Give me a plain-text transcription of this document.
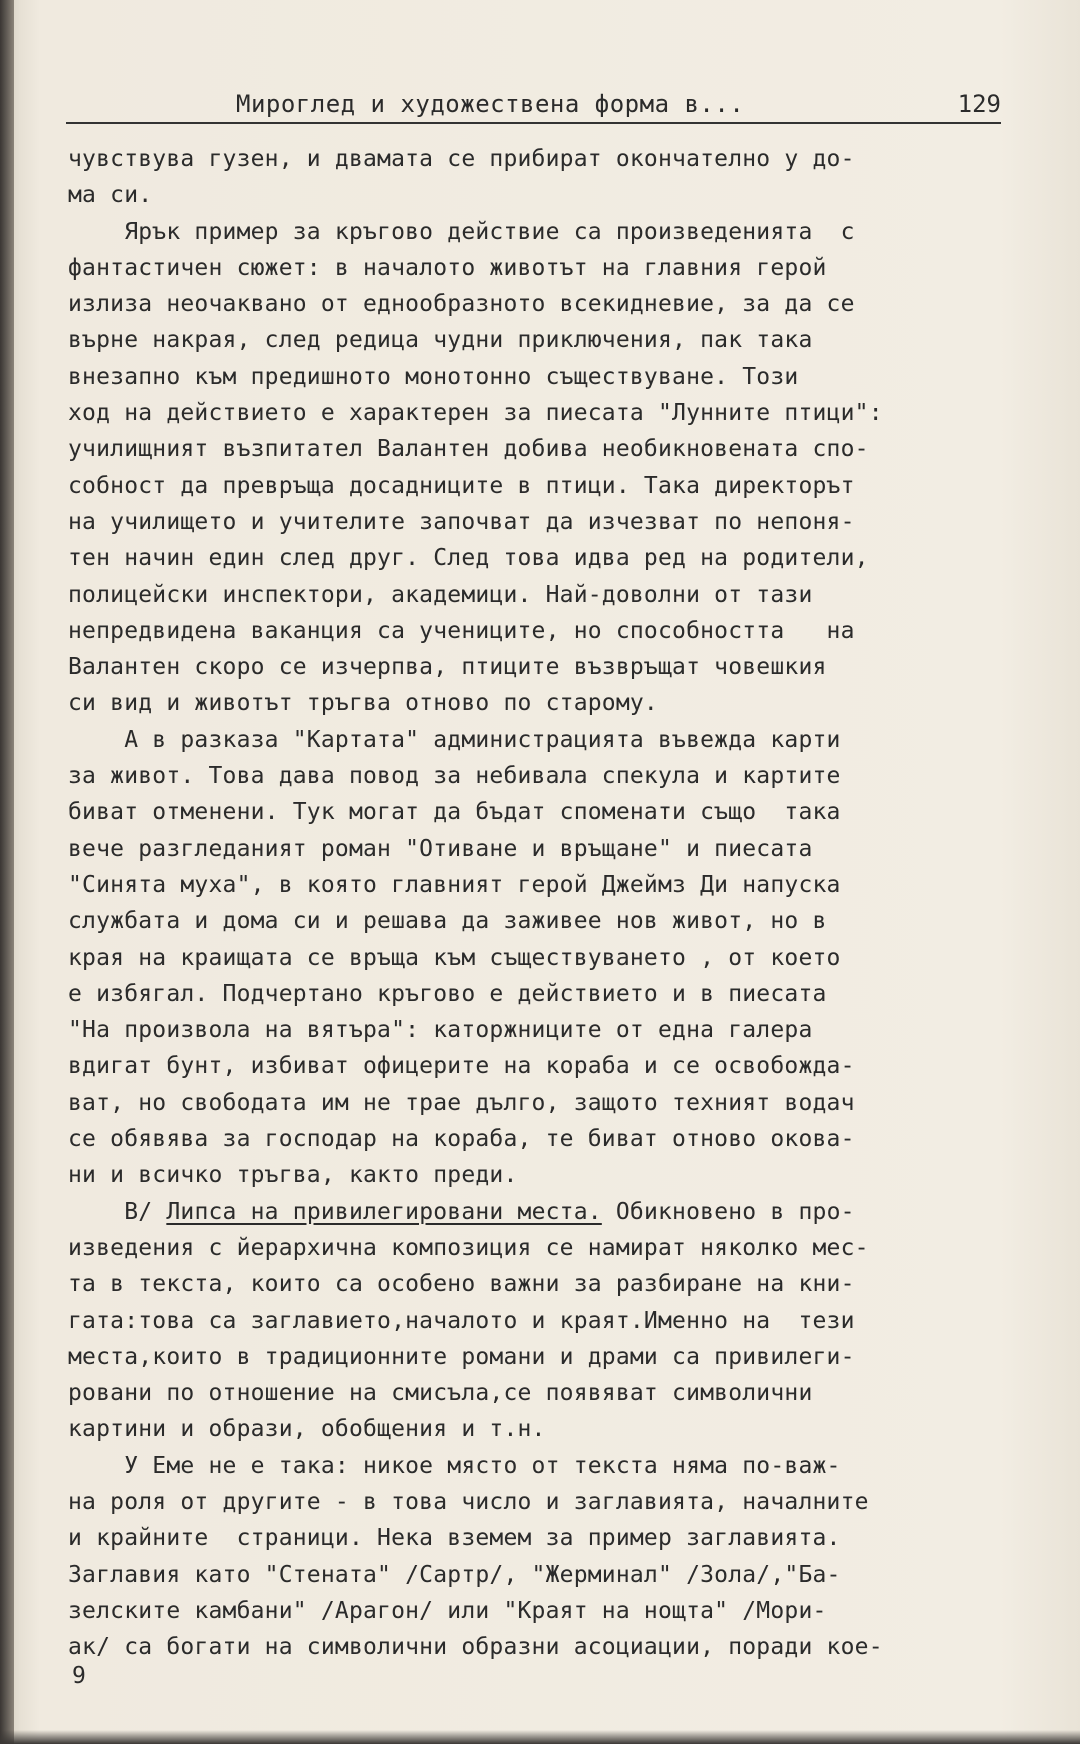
Мироглед и художествена форма в...	129
чувствува гузен, и двамата се прибират окончателно у до-
ма си.
Ярък пример за кръгово действие са произведенията  с
фантастичен сюжет: в началото животът на главния герой
излиза неочаквано от еднообразното всекидневие, за да се
върне накрая, след редица чудни приключения, пак така
внезапно към предишното монотонно съществуване. Този
ход на действието е характерен за пиесата "Лунните птици":
училищният възпитател Валантен добива необикновената спо-
собност да превръща досадниците в птици. Така директорът
на училището и учителите започват да изчезват по непоня-
тен начин един след друг. След това идва ред на родители,
полицейски инспектори, академици. Най-доволни от тази
непредвидена ваканция са учениците, но способността   на
Валантен скоро се изчерпва, птиците възвръщат човешкия
си вид и животът тръгва отново по старому.
А в разказа "Картата" администрацията въвежда карти
за живот. Това дава повод за небивала спекула и картите
биват отменени. Тук могат да бъдат споменати също  така
вече разгледаният роман "Отиване и връщане" и пиесата
"Синята муха", в която главният герой Джеймз Ди напуска
службата и дома си и решава да заживее нов живот, но в
края на краищата се връща към съществуването , от което
е избягал. Подчертано кръгово е действието и в пиесата
"На произвола на вятъра": каторжниците от една галера
вдигат бунт, избиват офицерите на кораба и се освобожда-
ват, но свободата им не трае дълго, защото техният водач
се обявява за господар на кораба, те биват отново окова-
ни и всичко тръгва, както преди.
В/ Липса на привилегировани места. Обикновено в про-
изведения с йерархична композиция се намират няколко мес-
та в текста, които са особено важни за разбиране на кни-
гата:това са заглавието,началото и краят.Именно на  тези
места,които в традиционните романи и драми са привилеги-
ровани по отношение на смисъла,се появяват символични
картини и образи, обобщения и т.н.
У Еме не е така: никое място от текста няма по-важ-
на роля от другите - в това число и заглавията, началните
и крайните  страници. Нека вземем за пример заглавията.
Заглавия като "Стената" /Сартр/, "Жерминал" /Зола/,"Ба-
зелските камбани" /Арагон/ или "Краят на нощта" /Мори-
ак/ са богати на символични образни асоциации, поради кое-
9
